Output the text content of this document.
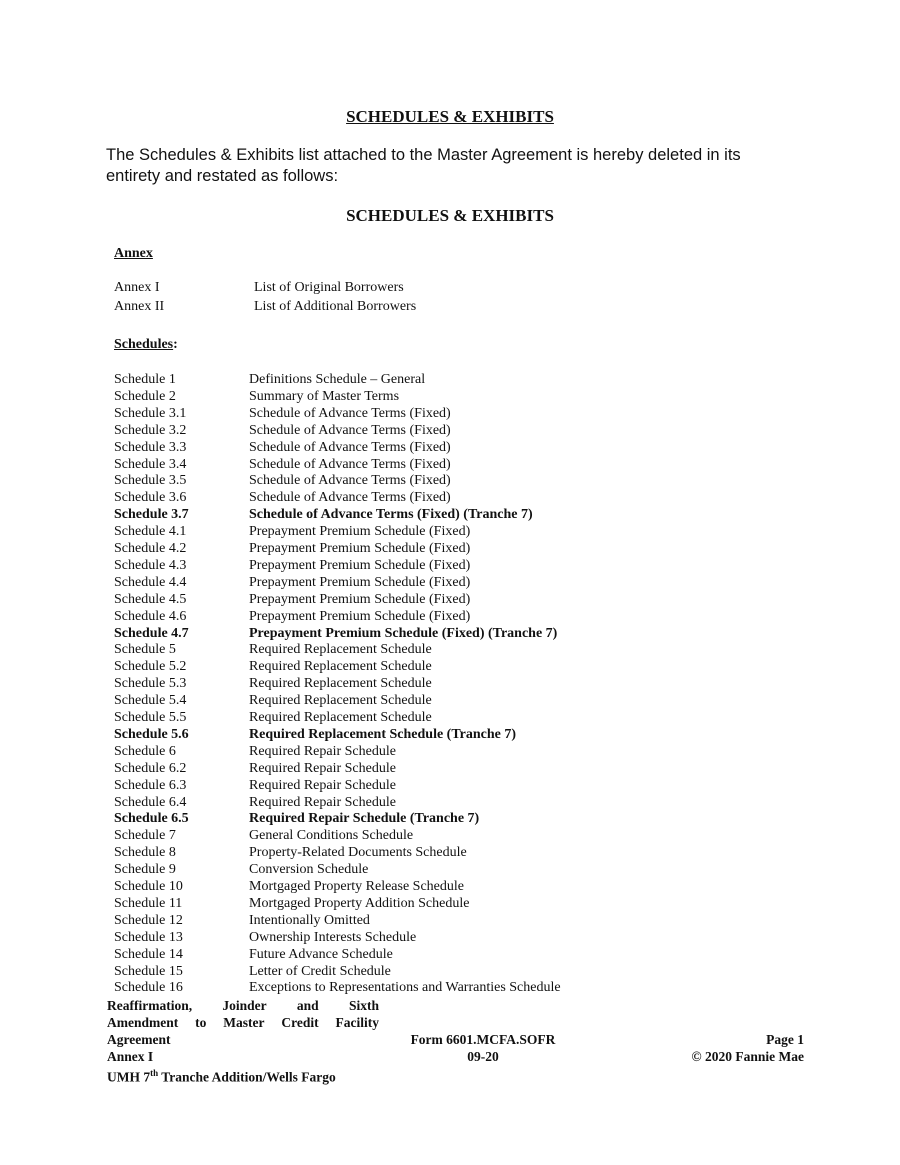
SCHEDULES & EXHIBITS
The Schedules & Exhibits list attached to the Master Agreement is hereby deleted in its entirety and restated as follows:
SCHEDULES & EXHIBITS
Annex
Annex I	List of Original Borrowers
Annex II	List of Additional Borrowers
Schedules:
Schedule 1	Definitions Schedule – General
Schedule 2	Summary of Master Terms
Schedule 3.1	Schedule of Advance Terms (Fixed)
Schedule 3.2	Schedule of Advance Terms (Fixed)
Schedule 3.3	Schedule of Advance Terms (Fixed)
Schedule 3.4	Schedule of Advance Terms (Fixed)
Schedule 3.5	Schedule of Advance Terms (Fixed)
Schedule 3.6	Schedule of Advance Terms (Fixed)
Schedule 3.7	Schedule of Advance Terms (Fixed) (Tranche 7)
Schedule 4.1	Prepayment Premium Schedule (Fixed)
Schedule 4.2	Prepayment Premium Schedule (Fixed)
Schedule 4.3	Prepayment Premium Schedule (Fixed)
Schedule 4.4	Prepayment Premium Schedule (Fixed)
Schedule 4.5	Prepayment Premium Schedule (Fixed)
Schedule 4.6	Prepayment Premium Schedule (Fixed)
Schedule 4.7	Prepayment Premium Schedule (Fixed) (Tranche 7)
Schedule 5	Required Replacement Schedule
Schedule 5.2	Required Replacement Schedule
Schedule 5.3	Required Replacement Schedule
Schedule 5.4	Required Replacement Schedule
Schedule 5.5	Required Replacement Schedule
Schedule 5.6	Required Replacement Schedule (Tranche 7)
Schedule 6	Required Repair Schedule
Schedule 6.2	Required Repair Schedule
Schedule 6.3	Required Repair Schedule
Schedule 6.4	Required Repair Schedule
Schedule 6.5	Required Repair Schedule (Tranche 7)
Schedule 7	General Conditions Schedule
Schedule 8	Property-Related Documents Schedule
Schedule 9	Conversion Schedule
Schedule 10	Mortgaged Property Release Schedule
Schedule 11	Mortgaged Property Addition Schedule
Schedule 12	Intentionally Omitted
Schedule 13	Ownership Interests Schedule
Schedule 14	Future Advance Schedule
Schedule 15	Letter of Credit Schedule
Schedule 16	Exceptions to Representations and Warranties Schedule
Reaffirmation, Joinder and Sixth
Amendment to Master Credit Facility
Agreement
Annex I
UMH 7th Tranche Addition/Wells Fargo
Form 6601.MCFA.SOFR
09-20
Page 1
© 2020 Fannie Mae
